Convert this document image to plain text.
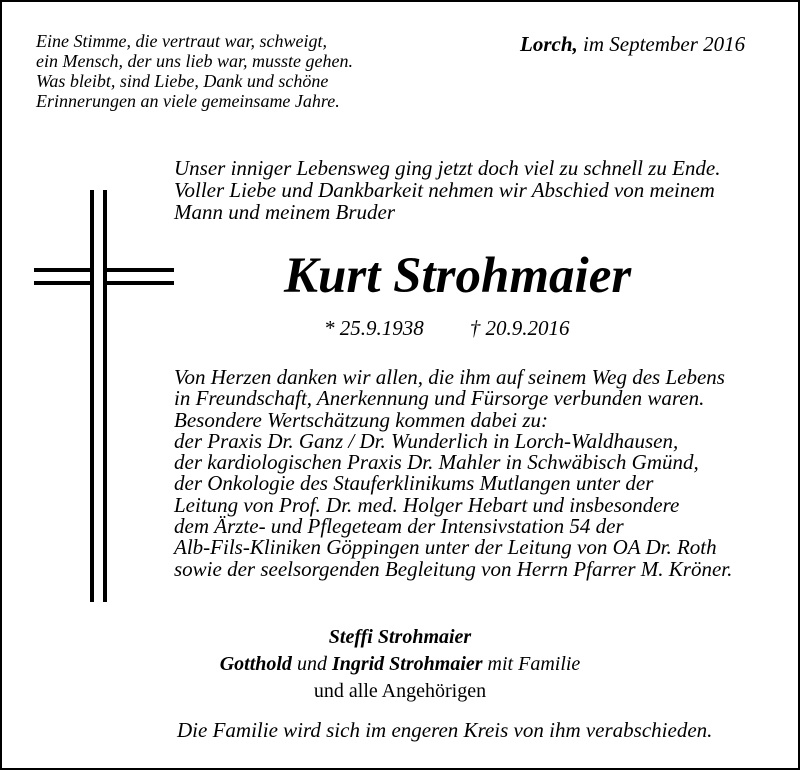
Eine Stimme, die vertraut war, schweigt,
ein Mensch, der uns lieb war, musste gehen.
Was bleibt, sind Liebe, Dank und schöne
Erinnerungen an viele gemeinsame Jahre.
Lorch, im September 2016
Unser inniger Lebensweg ging jetzt doch viel zu schnell zu Ende.
Voller Liebe und Dankbarkeit nehmen wir Abschied von meinem
Mann und meinem Bruder
Kurt Strohmaier
* 25.9.1938 † 20.9.2016
Von Herzen danken wir allen, die ihm auf seinem Weg des Lebens
in Freundschaft, Anerkennung und Fürsorge verbunden waren.
Besondere Wertschätzung kommen dabei zu:
der Praxis Dr. Ganz / Dr. Wunderlich in Lorch-Waldhausen,
der kardiologischen Praxis Dr. Mahler in Schwäbisch Gmünd,
der Onkologie des Stauferklinikums Mutlangen unter der
Leitung von Prof. Dr. med. Holger Hebart und insbesondere
dem Ärzte- und Pflegeteam der Intensivstation 54 der
Alb-Fils-Kliniken Göppingen unter der Leitung von OA Dr. Roth
sowie der seelsorgenden Begleitung von Herrn Pfarrer M. Kröner.
Steffi Strohmaier
Gotthold und Ingrid Strohmaier mit Familie
und alle Angehörigen
Die Familie wird sich im engeren Kreis von ihm verabschieden.
